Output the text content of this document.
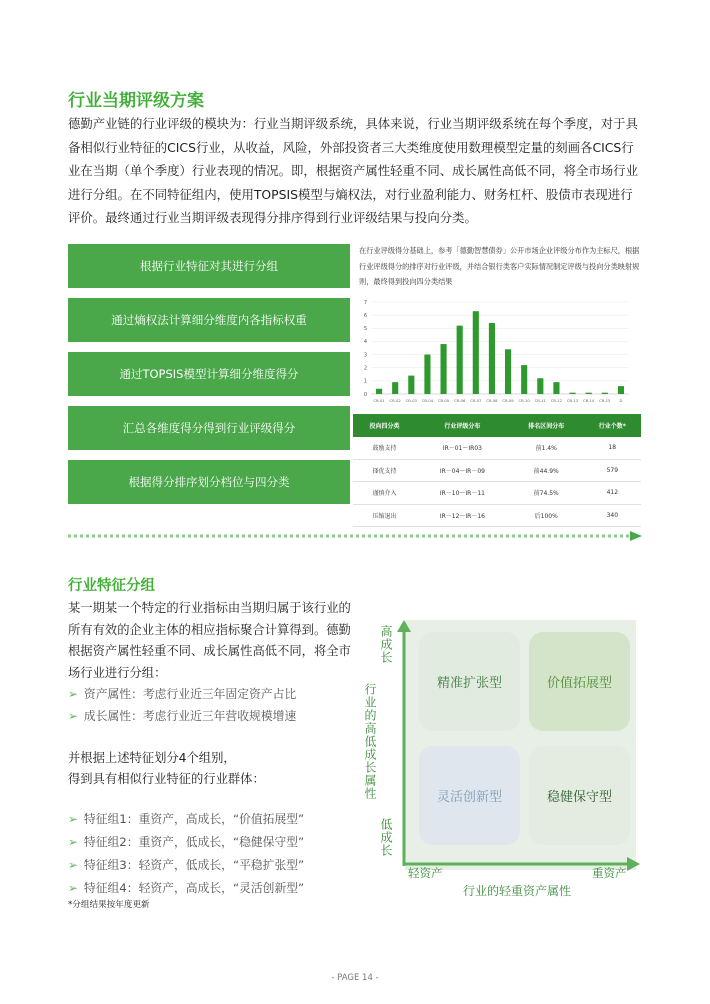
行业当期评级方案
德勤产业链的行业评级的模块为：行业当期评级系统，具体来说，行业当期评级系统在每个季度，对于具备相似行业特征的CICS行业，从收益，风险，外部投资者三大类维度使用数理模型定量的刻画各CICS行业在当期（单个季度）行业表现的情况。即，根据资产属性轻重不同、成长属性高低不同，将全市场行业进行分组。在不同特征组内，使用TOPSIS模型与熵权法，对行业盈利能力、财务杠杆、股债市表现进行评价。最终通过行业当期评级表现得分排序得到行业评级结果与投向分类。
根据行业特征对其进行分组
通过熵权法计算细分维度内各指标权重
通过TOPSIS模型计算细分维度得分
汇总各维度得分得到行业评级得分
根据得分排序划分档位与四分类
在行业评级得分基础上，参考「德勤智慧债券」公开市场企业评级分布作为主标尺，根据行业评级得分的排序对行业评级，并结合银行类客户实际情况制定评级与投向分类映射规则，最终得到投向四分类结果
0
1
2
3
4
5
6
7
CR-01 CR-02 CR-03 CR-04 CR-05 CR-06 CR-07 CR-08 CR-09 CR-10 CR-11 CR-12 CR-13 CR-14 CR-15 D
投向四分类	行业评级分布	排名区间分布	行业个数*
鼓励支持	IR－01～IR03	前1.4%	18
择优支持	IR－04～IR－09	前44.9%	579
谨慎介入	IR－10～IR－11	前74.5%	412
压缩退出	IR－12～IR－16	后100%	340
行业特征分组
某一期某一个特定的行业指标由当期归属于该行业的所有有效的企业主体的相应指标聚合计算得到。德勤根据资产属性轻重不同、成长属性高低不同，将全市场行业进行分组：
➢ 资产属性：考虑行业近三年固定资产占比
➢ 成长属性：考虑行业近三年营收规模增速
并根据上述特征划分4个组别，
得到具有相似行业特征的行业群体：
➢ 特征组1：重资产，高成长，“价值拓展型”
➢ 特征组2：重资产，低成长，“稳健保守型”
➢ 特征组3：轻资产，低成长，“平稳扩张型”
➢ 特征组4：轻资产，高成长，“灵活创新型”
*分组结果按年度更新
精准扩张型	价值拓展型
灵活创新型	稳健保守型
高成长
行业的高低成长属性
低成长
轻资产	重资产
行业的轻重资产属性
- PAGE 14 -
